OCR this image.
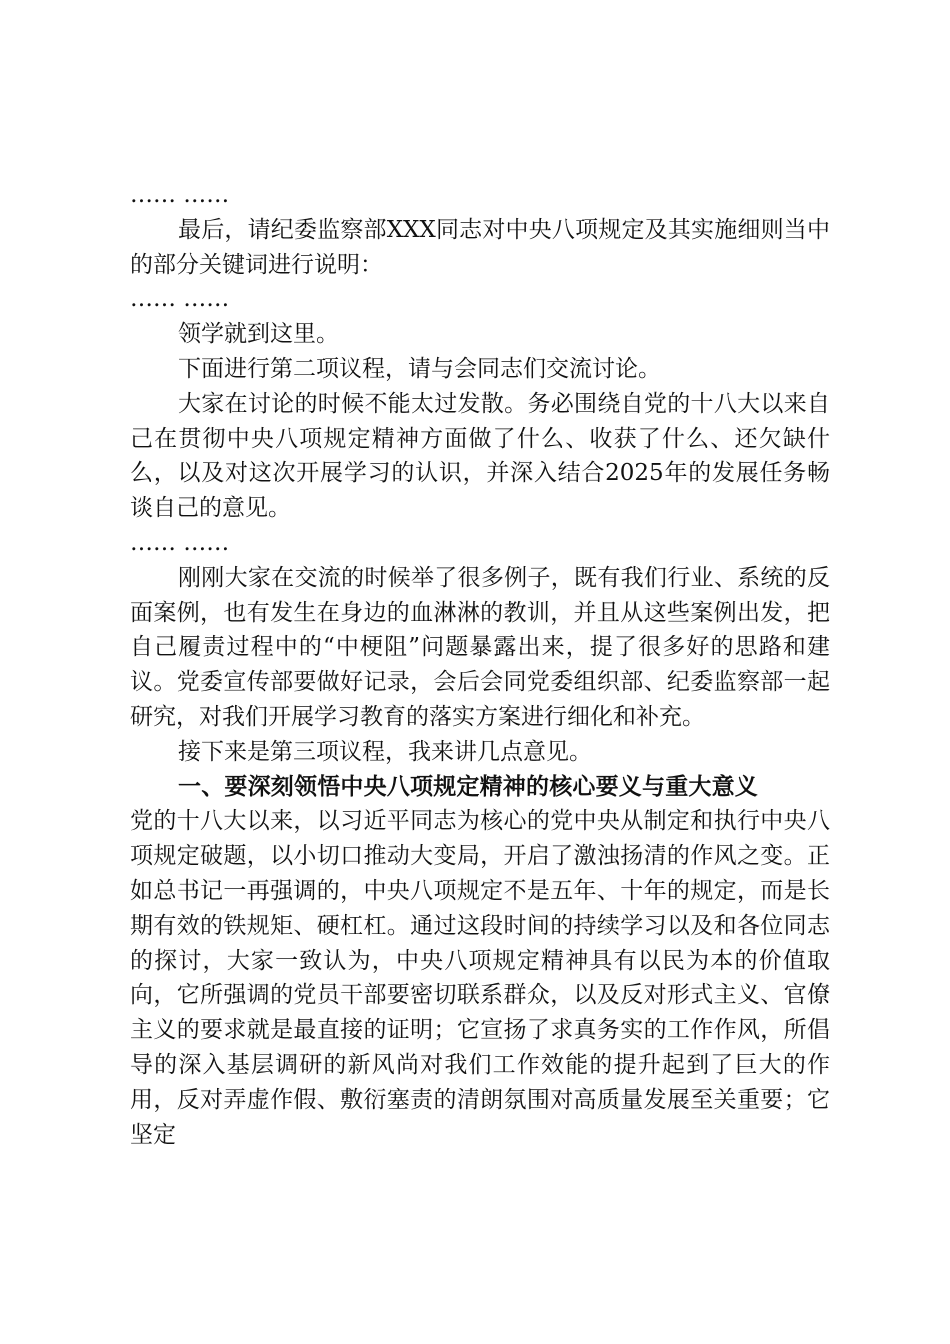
…… ……

最后，请纪委监察部XXX同志对中央八项规定及其实施细则当中的部分关键词进行说明：

…… ……

领学就到这里。

下面进行第二项议程，请与会同志们交流讨论。

大家在讨论的时候不能太过发散。务必围绕自党的十八大以来自己在贯彻中央八项规定精神方面做了什么、收获了什么、还欠缺什么，以及对这次开展学习的认识，并深入结合2025年的发展任务畅谈自己的意见。

…… ……

刚刚大家在交流的时候举了很多例子，既有我们行业、系统的反面案例，也有发生在身边的血淋淋的教训，并且从这些案例出发，把自己履责过程中的“中梗阻”问题暴露出来，提了很多好的思路和建议。党委宣传部要做好记录，会后会同党委组织部、纪委监察部一起研究，对我们开展学习教育的落实方案进行细化和补充。

接下来是第三项议程，我来讲几点意见。

一、要深刻领悟中央八项规定精神的核心要义与重大意义

党的十八大以来，以习近平同志为核心的党中央从制定和执行中央八项规定破题，以小切口推动大变局，开启了激浊扬清的作风之变。正如总书记一再强调的，中央八项规定不是五年、十年的规定，而是长期有效的铁规矩、硬杠杠。通过这段时间的持续学习以及和各位同志的探讨，大家一致认为，中央八项规定精神具有以民为本的价值取向，它所强调的党员干部要密切联系群众，以及反对形式主义、官僚主义的要求就是最直接的证明；它宣扬了求真务实的工作作风，所倡导的深入基层调研的新风尚对我们工作效能的提升起到了巨大的作用，反对弄虚作假、敷衍塞责的清朗氛围对高质量发展至关重要；它坚定
